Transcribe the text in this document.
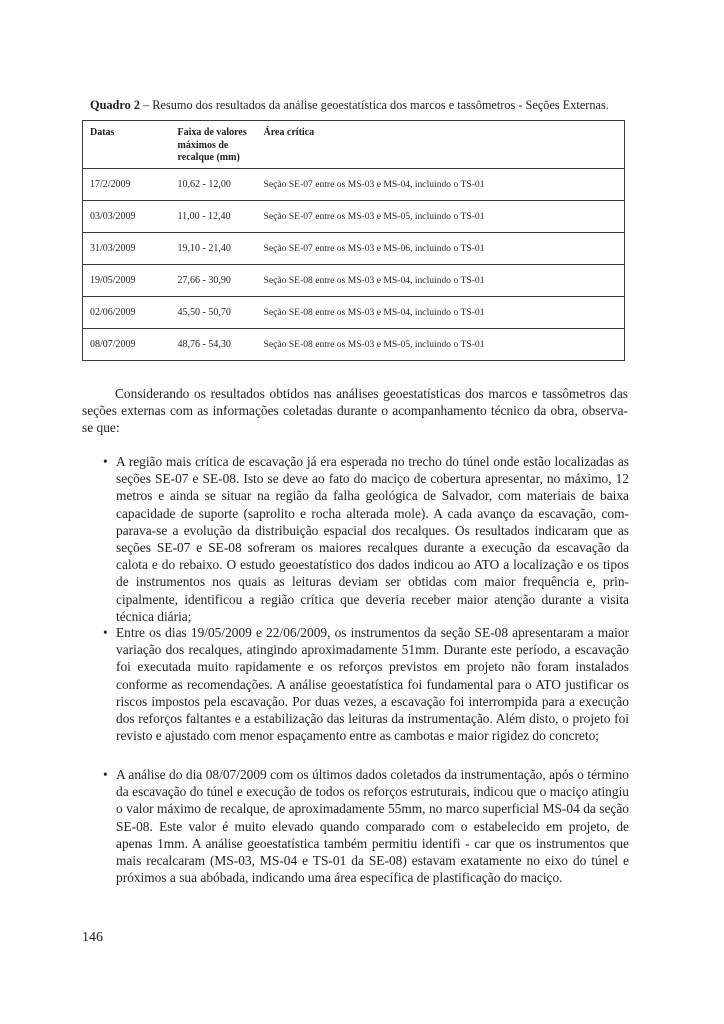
Quadro 2 – Resumo dos resultados da análise geoestatística dos marcos e tassômetros - Seções Externas.
Datas	Faixa de valores máximos de recalque (mm)	Área crítica
17/2/2009	10,62 - 12,00	Seção SE-07 entre os MS-03 e MS-04, incluindo o TS-01
03/03/2009	11,00 - 12,40	Seção SE-07 entre os MS-03 e MS-05, incluindo o TS-01
31/03/2009	19,10 - 21,40	Seção SE-07 entre os MS-03 e MS-06, incluindo o TS-01
19/05/2009	27,66 - 30,90	Seção SE-08 entre os MS-03 e MS-04, incluindo o TS-01
02/06/2009	45,50 - 50,70	Seção SE-08 entre os MS-03 e MS-04, incluindo o TS-01
08/07/2009	48,76 - 54,30	Seção SE-08 entre os MS-03 e MS-05, incluindo o TS-01

Considerando os resultados obtidos nas análises geoestatísticas dos marcos e tassômetros das seções externas com as informações coletadas durante o acompanhamento técnico da obra, observa-se que:

• A região mais crítica de escavação já era esperada no trecho do túnel onde estão localizadas as seções SE-07 e SE-08. Isto se deve ao fato do maciço de cobertura apresentar, no máximo, 12 metros e ainda se situar na região da falha geológica de Salvador, com materiais de baixa capacidade de suporte (saprolito e rocha alterada mole). A cada avanço da escavação, com-parava-se a evolução da distribuição espacial dos recalques. Os resultados indicaram que as seções SE-07 e SE-08 sofreram os maiores recalques durante a execução da escavação da calota e do rebaixo. O estudo geoestatístico dos dados indicou ao ATO a localização e os tipos de instrumentos nos quais as leituras deviam ser obtidas com maior frequência e, prin-cipalmente, identificou a região crítica que deveria receber maior atenção durante a visita técnica diária;
• Entre os dias 19/05/2009 e 22/06/2009, os instrumentos da seção SE-08 apresentaram a maior variação dos recalques, atingindo aproximadamente 51mm. Durante este período, a escavação foi executada muito rapidamente e os reforços previstos em projeto não foram instalados conforme as recomendações. A análise geoestatística foi fundamental para o ATO justificar os riscos impostos pela escavação. Por duas vezes, a escavação foi interrompida para a execução dos reforços faltantes e a estabilização das leituras da instrumentação. Além disto, o projeto foi revisto e ajustado com menor espaçamento entre as cambotas e maior rigidez do concreto;
• A análise do dia 08/07/2009 com os últimos dados coletados da instrumentação, após o término da escavação do túnel e execução de todos os reforços estruturais, indicou que o maciço atingiu o valor máximo de recalque, de aproximadamente 55mm, no marco superficial MS-04 da seção SE-08. Este valor é muito elevado quando comparado com o estabelecido em projeto, de apenas 1mm. A análise geoestatística também permitiu identifi - car que os instrumentos que mais recalcaram (MS-03, MS-04 e TS-01 da SE-08) estavam exatamente no eixo do túnel e próximos a sua abóbada, indicando uma área específica de plastificação do maciço.
146
